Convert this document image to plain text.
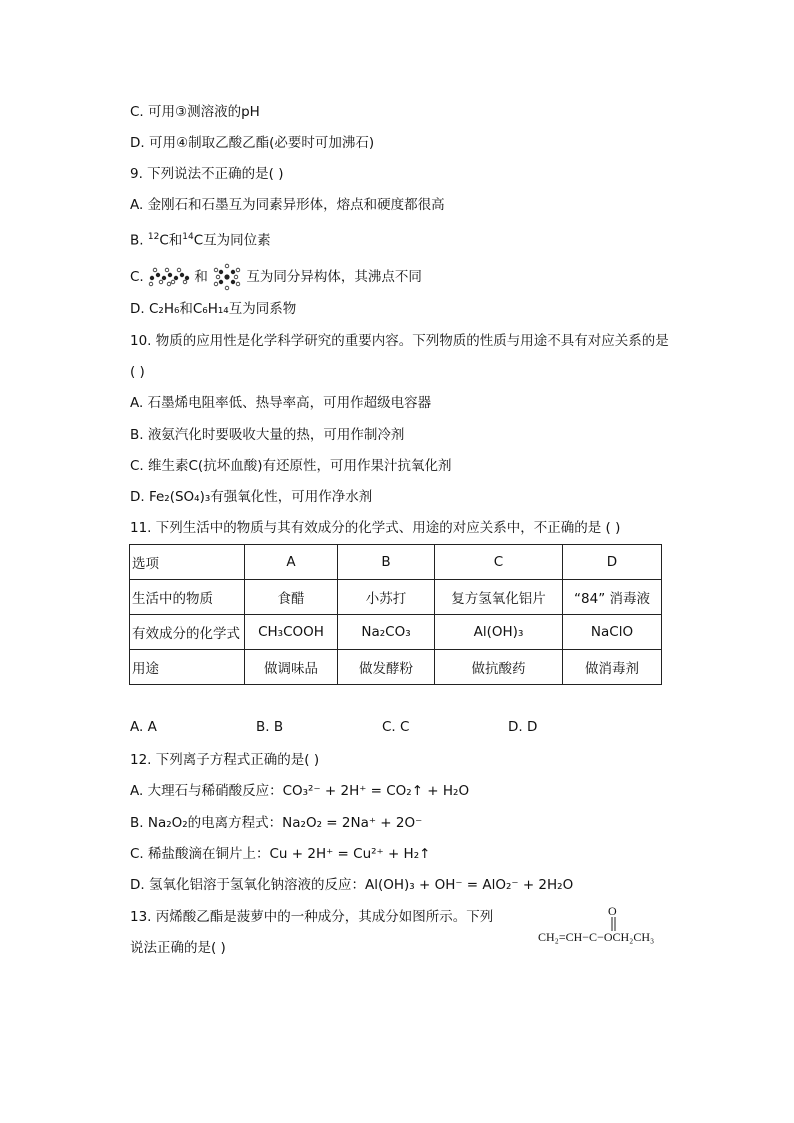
C. 可用③测溶液的pH
D. 可用④制取乙酸乙酯(必要时可加沸石)
9. 下列说法不正确的是( )
A. 金刚石和石墨互为同素异形体，熔点和硬度都很高
B. $^{12}$C和$^{14}$C互为同位素
C.	和	互为同分异构体，其沸点不同
D. C₂H₆和C₆H₁₄互为同系物
10. 物质的应用性是化学科学研究的重要内容。下列物质的性质与用途不具有对应关系的是
( )
A. 石墨烯电阻率低、热导率高，可用作超级电容器
B. 液氨汽化时要吸收大量的热，可用作制冷剂
C. 维生素C(抗坏血酸)有还原性，可用作果汁抗氧化剂
D. Fe₂(SO₄)₃有强氧化性，可用作净水剂
11. 下列生活中的物质与其有效成分的化学式、用途的对应关系中，不正确的是 ( )
选项	A	B	C	D
生活中的物质	食醋	小苏打	复方氢氧化铝片	“84” 消毒液
有效成分的化学式	CH₃COOH	Na₂CO₃	Al(OH)₃	NaClO
用途	做调味品	做发酵粉	做抗酸药	做消毒剂
A. A	B. B	C. C	D. D
12. 下列离子方程式正确的是( )
A. 大理石与稀硝酸反应：CO₃²⁻ + 2H⁺ = CO₂↑ + H₂O
B. Na₂O₂的电离方程式：Na₂O₂ = 2Na⁺ + 2O⁻
C. 稀盐酸滴在铜片上：Cu + 2H⁺ = Cu²⁺ + H₂↑
D. 氢氧化铝溶于氢氧化钠溶液的反应：Al(OH)₃ + OH⁻ = AlO₂⁻ + 2H₂O
13. 丙烯酸乙酯是菠萝中的一种成分，其成分如图所示。下列
说法正确的是( )
O
CH₂=CH−C−OCH₂CH₃
